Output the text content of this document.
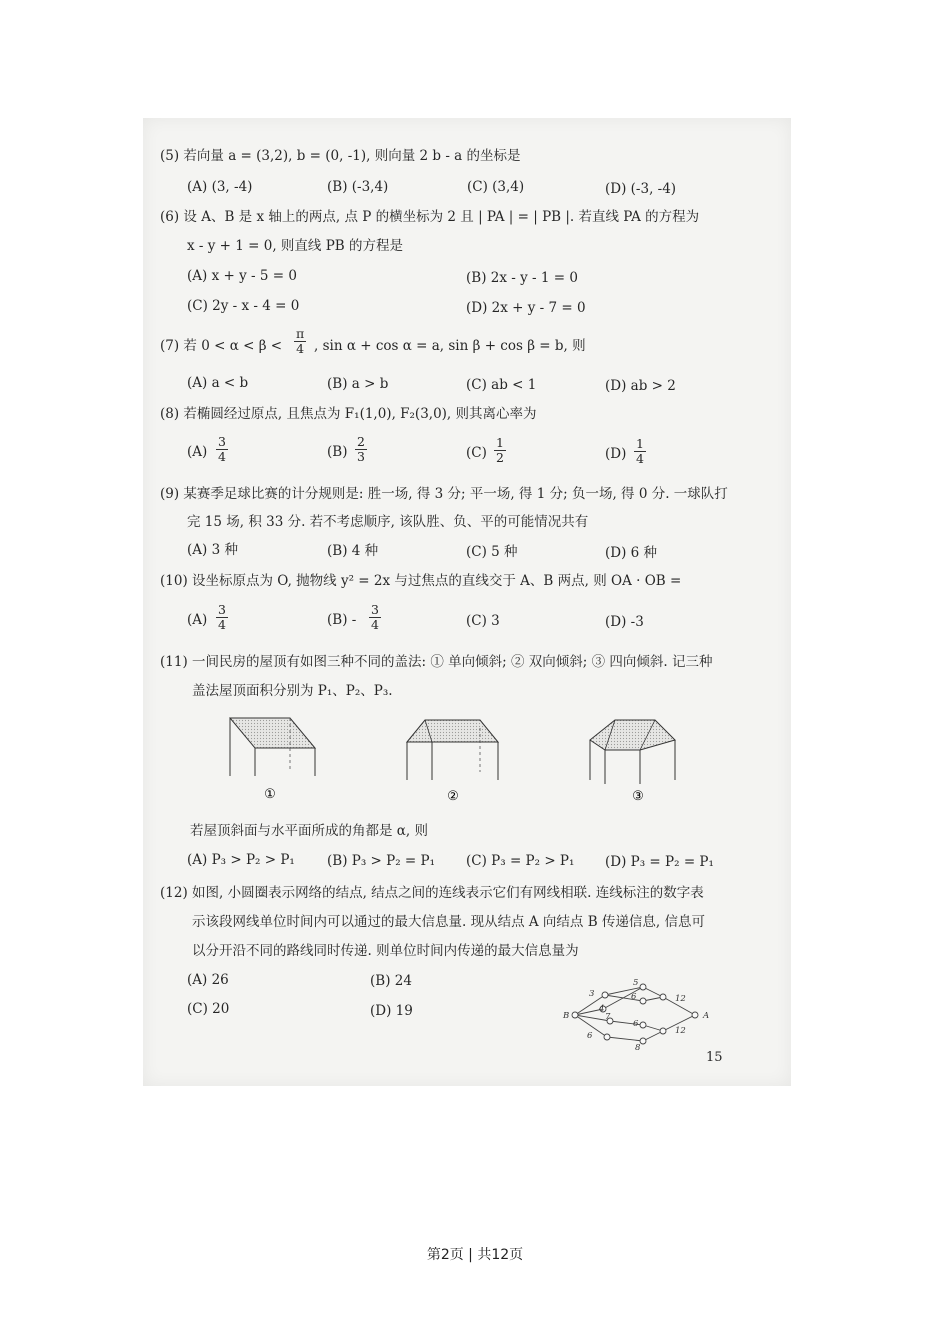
(5) 若向量 a = (3,2), b = (0, -1), 则向量 2 b - a 的坐标是
(A) (3, -4)	(B) (-3,4)	(C) (3,4)	(D) (-3, -4)
(6) 设 A、B 是 x 轴上的两点, 点 P 的横坐标为 2 且 | PA | = | PB |. 若直线 PA 的方程为
x - y + 1 = 0, 则直线 PB 的方程是
(A) x + y - 5 = 0	(B) 2x - y - 1 = 0
(C) 2y - x - 4 = 0	(D) 2x + y - 7 = 0
(7) 若 $0 < \alpha < \beta < \frac{\pi}{4}$ , sin α + cos α = a, sin β + cos β = b, 则
(A) a < b	(B) a > b	(C) ab < 1	(D) ab > 2
(8) 若椭圆经过原点, 且焦点为 F₁(1,0), F₂(3,0), 则其离心率为
$(A) \frac{3}{4}$	$(B) \frac{2}{3}$	$(C) \frac{1}{2}$	$(D) \frac{1}{4}$
(9) 某赛季足球比赛的计分规则是: 胜一场, 得 3 分; 平一场, 得 1 分; 负一场, 得 0 分. 一球队打
完 15 场, 积 33 分. 若不考虑顺序, 该队胜、负、平的可能情况共有
(A) 3 种	(B) 4 种	(C) 5 种	(D) 6 种
(10) 设坐标原点为 O, 抛物线 y² = 2x 与过焦点的直线交于 A、B 两点, 则 OA · OB =
$(A) \frac{3}{4}$	$(B) - \frac{3}{4}$	(C) 3	(D) -3
(11) 一间民房的屋顶有如图三种不同的盖法: ① 单向倾斜; ② 双向倾斜; ③ 四向倾斜. 记三种
盖法屋顶面积分别为 P₁、P₂、P₃.
①	②	③
若屋顶斜面与水平面所成的角都是 α, 则
(A) P₃ > P₂ > P₁ (B) P₃ > P₂ = P₁ (C) P₃ = P₂ > P₁ (D) P₃ = P₂ = P₁
(12) 如图, 小圆圈表示网络的结点, 结点之间的连线表示它们有网线相联. 连线标注的数字表
示该段网线单位时间内可以通过的最大信息量. 现从结点 A 向结点 B 传递信息, 信息可
以分开沿不同的路线同时传递. 则单位时间内传递的最大信息量为
(A) 26	(B) 24
(C) 20	(D) 19	B	A
3
5
4
6	12
7
6
12
6
8
15
第2页 | 共12页
